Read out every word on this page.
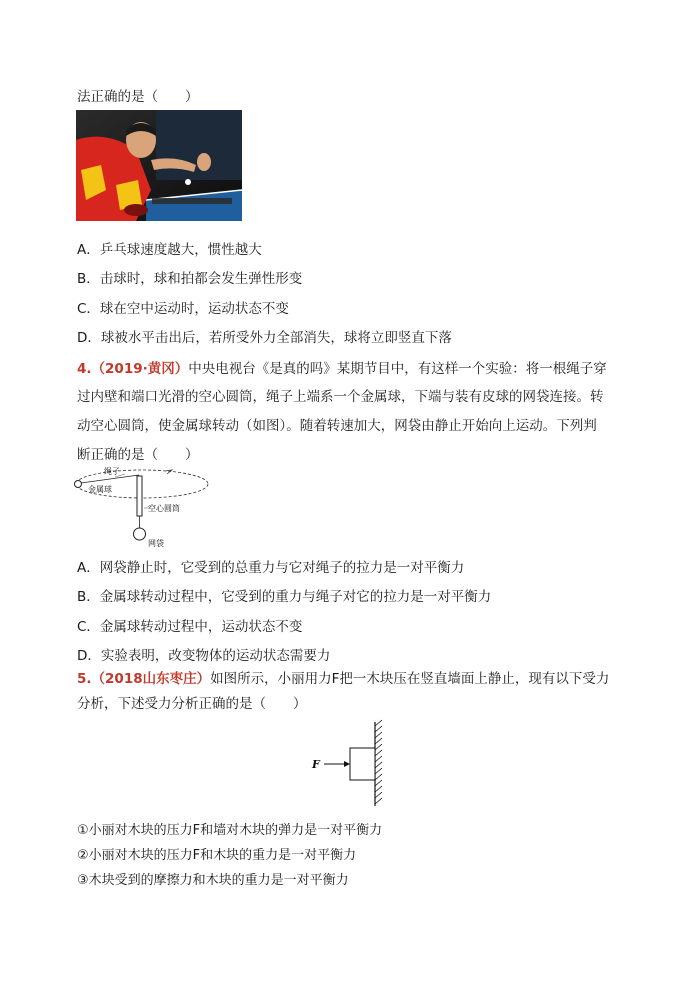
法正确的是（　　）
A．乒乓球速度越大，惯性越大
B．击球时，球和拍都会发生弹性形变
C．球在空中运动时，运动状态不变
D．球被水平击出后，若所受外力全部消失，球将立即竖直下落
4.（2019·黄冈）中央电视台《是真的吗》某期节目中，有这样一个实验：将一根绳子穿
过内壁和端口光滑的空心圆筒，绳子上端系一个金属球，下端与装有皮球的网袋连接。转
动空心圆筒，使金属球转动（如图）。随着转速加大，网袋由静止开始向上运动。下列判
断正确的是（　　）
绳子
金属球
空心圆筒
网袋
A．网袋静止时，它受到的总重力与它对绳子的拉力是一对平衡力
B．金属球转动过程中，它受到的重力与绳子对它的拉力是一对平衡力
C．金属球转动过程中，运动状态不变
D．实验表明，改变物体的运动状态需要力
5.（2018山东枣庄）如图所示，小丽用力F把一木块压在竖直墙面上静止，现有以下受力
分析，下述受力分析正确的是（　　）
F
①小丽对木块的压力F和墙对木块的弹力是一对平衡力
②小丽对木块的压力F和木块的重力是一对平衡力
③木块受到的摩擦力和木块的重力是一对平衡力
